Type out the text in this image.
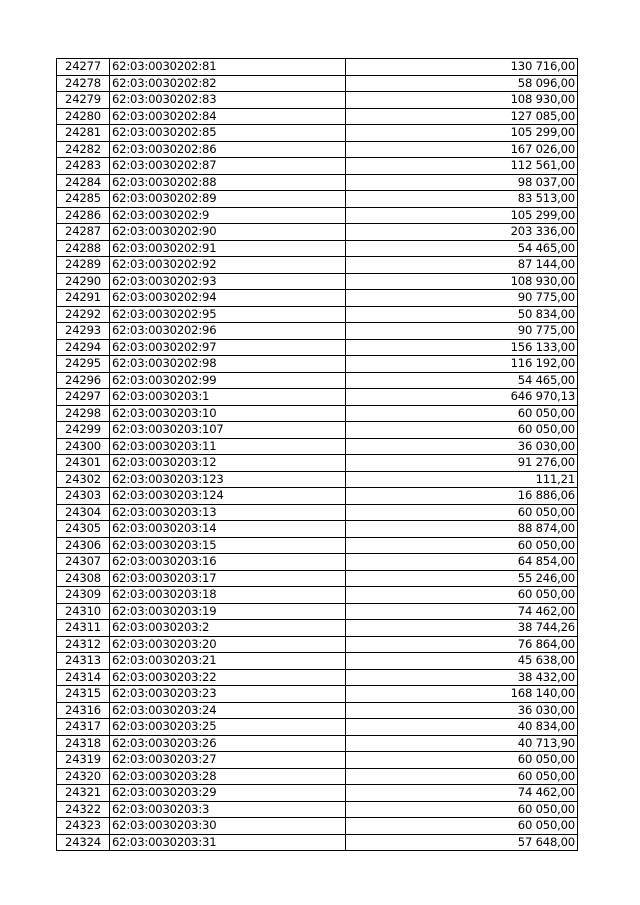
24277	62:03:0030202:81	130 716,00
24278	62:03:0030202:82	58 096,00
24279	62:03:0030202:83	108 930,00
24280	62:03:0030202:84	127 085,00
24281	62:03:0030202:85	105 299,00
24282	62:03:0030202:86	167 026,00
24283	62:03:0030202:87	112 561,00
24284	62:03:0030202:88	98 037,00
24285	62:03:0030202:89	83 513,00
24286	62:03:0030202:9	105 299,00
24287	62:03:0030202:90	203 336,00
24288	62:03:0030202:91	54 465,00
24289	62:03:0030202:92	87 144,00
24290	62:03:0030202:93	108 930,00
24291	62:03:0030202:94	90 775,00
24292	62:03:0030202:95	50 834,00
24293	62:03:0030202:96	90 775,00
24294	62:03:0030202:97	156 133,00
24295	62:03:0030202:98	116 192,00
24296	62:03:0030202:99	54 465,00
24297	62:03:0030203:1	646 970,13
24298	62:03:0030203:10	60 050,00
24299	62:03:0030203:107	60 050,00
24300	62:03:0030203:11	36 030,00
24301	62:03:0030203:12	91 276,00
24302	62:03:0030203:123	111,21
24303	62:03:0030203:124	16 886,06
24304	62:03:0030203:13	60 050,00
24305	62:03:0030203:14	88 874,00
24306	62:03:0030203:15	60 050,00
24307	62:03:0030203:16	64 854,00
24308	62:03:0030203:17	55 246,00
24309	62:03:0030203:18	60 050,00
24310	62:03:0030203:19	74 462,00
24311	62:03:0030203:2	38 744,26
24312	62:03:0030203:20	76 864,00
24313	62:03:0030203:21	45 638,00
24314	62:03:0030203:22	38 432,00
24315	62:03:0030203:23	168 140,00
24316	62:03:0030203:24	36 030,00
24317	62:03:0030203:25	40 834,00
24318	62:03:0030203:26	40 713,90
24319	62:03:0030203:27	60 050,00
24320	62:03:0030203:28	60 050,00
24321	62:03:0030203:29	74 462,00
24322	62:03:0030203:3	60 050,00
24323	62:03:0030203:30	60 050,00
24324	62:03:0030203:31	57 648,00
